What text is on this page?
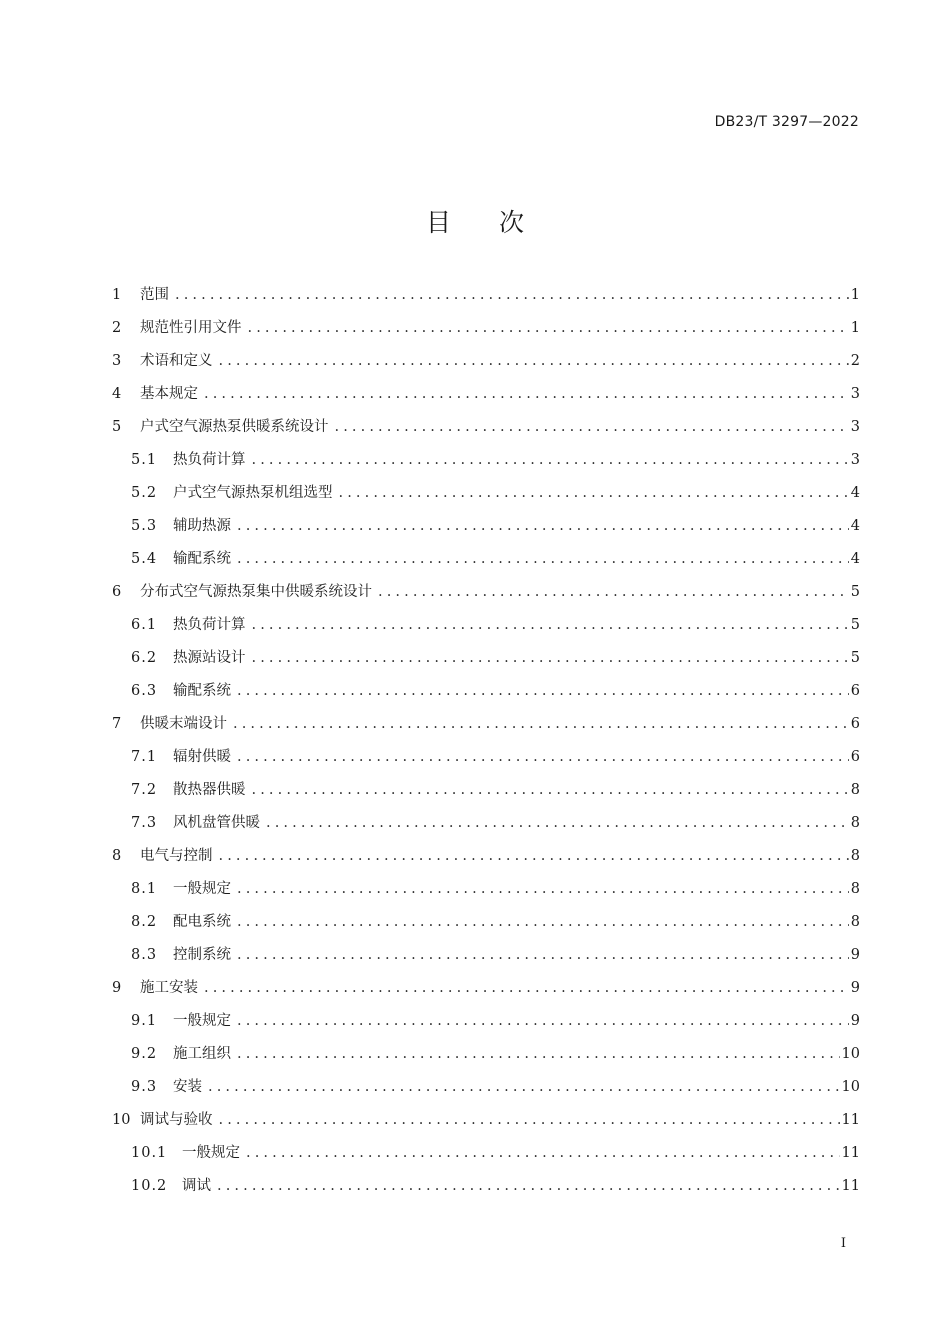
DB23/T 3297—2022
目次
1	范围 .....	1
2	规范性引用文件 .....	1
3	术语和定义 .....	2
4	基本规定 .....	3
5	户式空气源热泵供暖系统设计 .....	3
5.1	热负荷计算 .....	3
5.2	户式空气源热泵机组选型 .....	4
5.3	辅助热源 .....	4
5.4	输配系统 .....	4
6	分布式空气源热泵集中供暖系统设计 .....	5
6.1	热负荷计算 .....	5
6.2	热源站设计 .....	5
6.3	输配系统 .....	6
7	供暖末端设计 .....	6
7.1	辐射供暖 .....	6
7.2	散热器供暖 .....	8
7.3	风机盘管供暖 .....	8
8	电气与控制 .....	8
8.1	一般规定 .....	8
8.2	配电系统 .....	8
8.3	控制系统 .....	9
9	施工安装 .....	9
9.1	一般规定 .....	9
9.2	施工组织 .....	10
9.3	安装 .....	10
10 调试与验收 .....	11
10.1	一般规定 .....	11
10.2	调试 .....	11
I
